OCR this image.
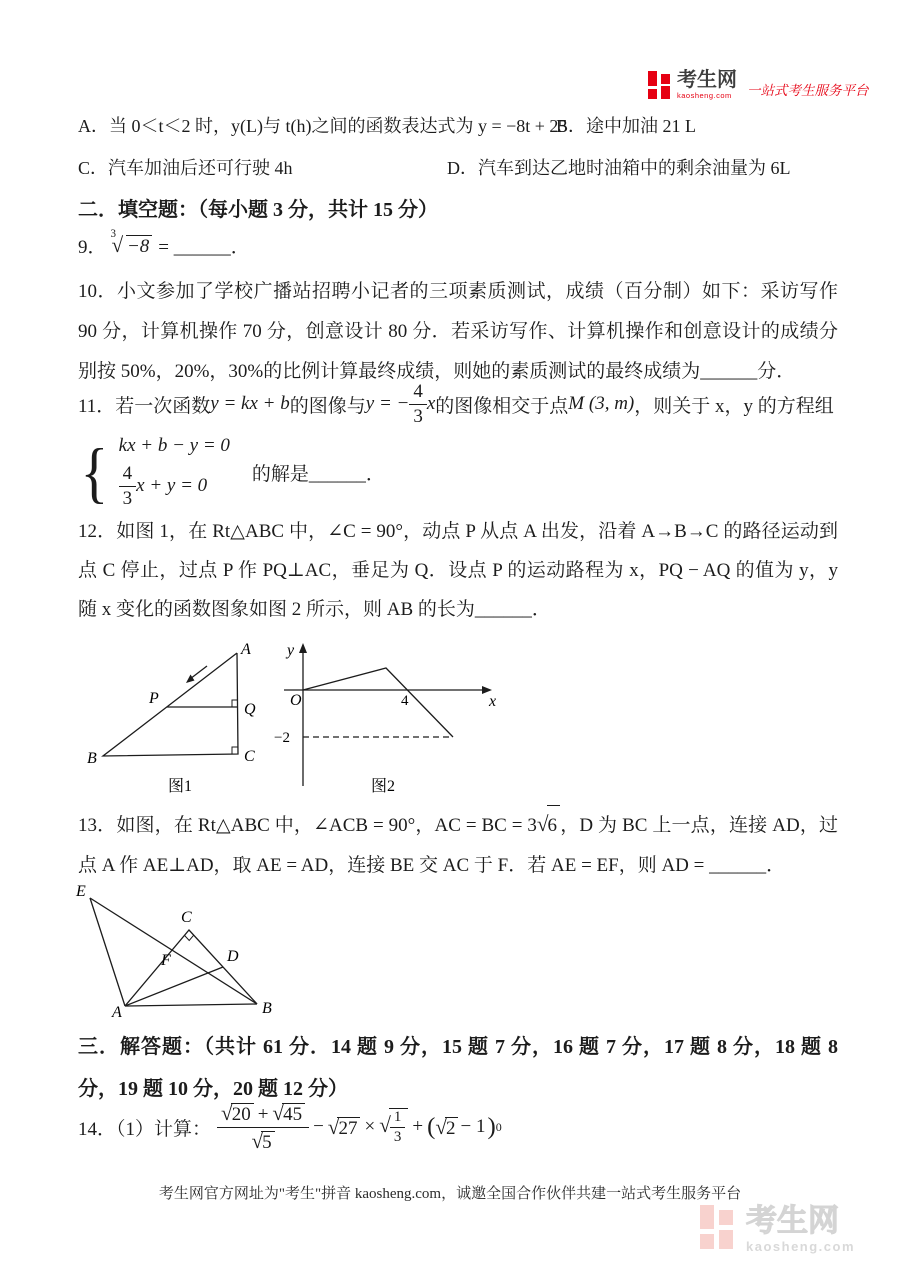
考生网
kaosheng.com	一站式考生服务平台
A．当 0＜t＜2 时，y(L)与 t(h)之间的函数表达式为 y = −8t + 25
B．途中加油 21 L
C．汽车加油后还可行驶 4h	D．汽车到达乙地时油箱中的剩余油量为 6L
二．填空题：（每小题 3 分，共计 15 分）
9．

√ 3
−8 = ______．
10．小文参加了学校广播站招聘小记者的三项素质测试，成绩（百分制）如下：采访写作 90 分，计算机操作 70 分，创意设计 80 分．若采访写作、计算机操作和创意设计的成绩分别按 50%，20%，30%的比例计算最终成绩，则她的素质测试的最终成绩为______分．
11．若一次函数 y = kx + b 的图像与 y = − $\frac{4}{3}$ x 的图像相交于点 M (3, m) ，则关于 x，y 的方程组
{ kx + b − y = 0
$\frac{4}{3}$ x + y = 0
的解是______．
12．如图 1，在 Rt△ABC 中，∠C = 90°，动点 P 从点 A 出发，沿着 A→B→C 的路径运动到点 C 停止，过点 P 作 PQ⊥AC，垂足为 Q．设点 P 的运动路程为 x，PQ − AQ 的值为 y，y 随 x 变化的函数图象如图 2 所示，则 AB 的长为______．
A
P
Q
B	C
图1
y
O	x
4
−2
图2
13．如图，在 Rt△ABC 中，∠ACB = 90°，AC = BC = 3 √ 6 ，D 为 BC 上一点，连接 AD，过点 A 作 AE⊥AD，取 AE = AD，连接 BE 交 AC 于 F．若 AE = EF，则 AD = ______．
E
C
F	D
A	B
三．解答题：（共计 61 分．14 题 9 分，15 题 7 分，16 题 7 分，17 题 8 分，18 题 8 分，19 题 10 分，20 题 12 分）
14．（1）计算： √ 20 + √ 45
√ 5 − √ 27 × √ $\frac{1}{3}$ + ( √ 2 − 1 ) 0
考生网官方网址为"考生"拼音 kaosheng.com，诚邀全国合作伙伴共建一站式考生服务平台
考生网
kaosheng.com
